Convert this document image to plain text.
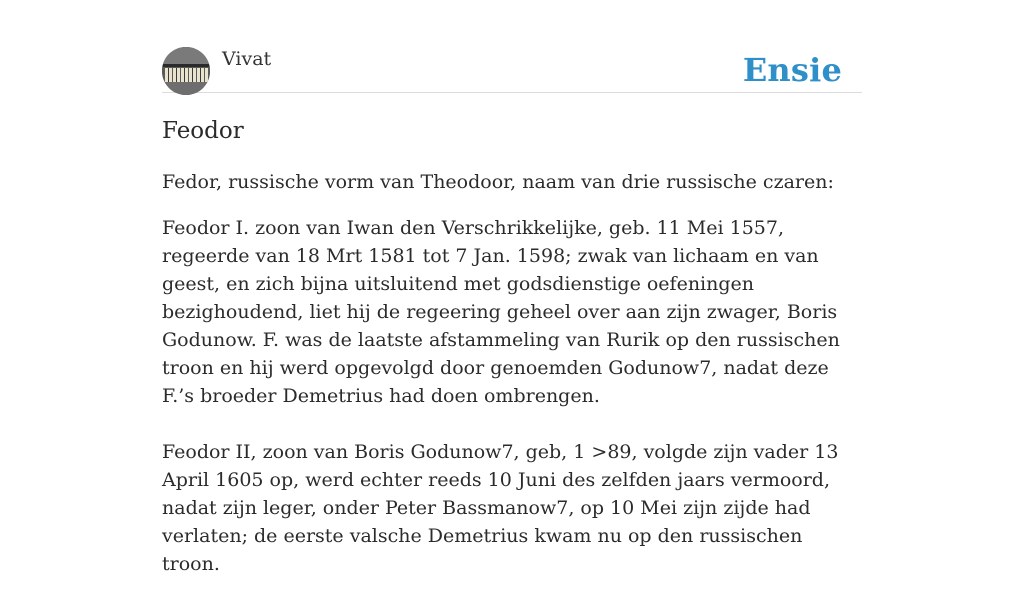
Vivat	Ensie
Feodor

Fedor, russische vorm van Theodoor, naam van drie russische czaren:

Feodor I. zoon van Iwan den Verschrikkelijke, geb. 11 Mei 1557, regeerde van 18 Mrt 1581 tot 7 Jan. 1598; zwak van lichaam en van geest, en zich bijna uitsluitend met godsdienstige oefeningen bezighoudend, liet hij de regeering geheel over aan zijn zwager, Boris Godunow. F. was de laatste afstammeling van Rurik op den russischen troon en hij werd opgevolgd door genoemden Godunow7, nadat deze F.’s broeder Demetrius had doen ombrengen.

Feodor II, zoon van Boris Godunow7, geb, 1 >89, volgde zijn vader 13 April 1605 op, werd echter reeds 10 Juni des zelfden jaars vermoord, nadat zijn leger, onder Peter Bassmanow7, op 10 Mei zijn zijde had verlaten; de eerste valsche Demetrius kwam nu op den russischen troon.
